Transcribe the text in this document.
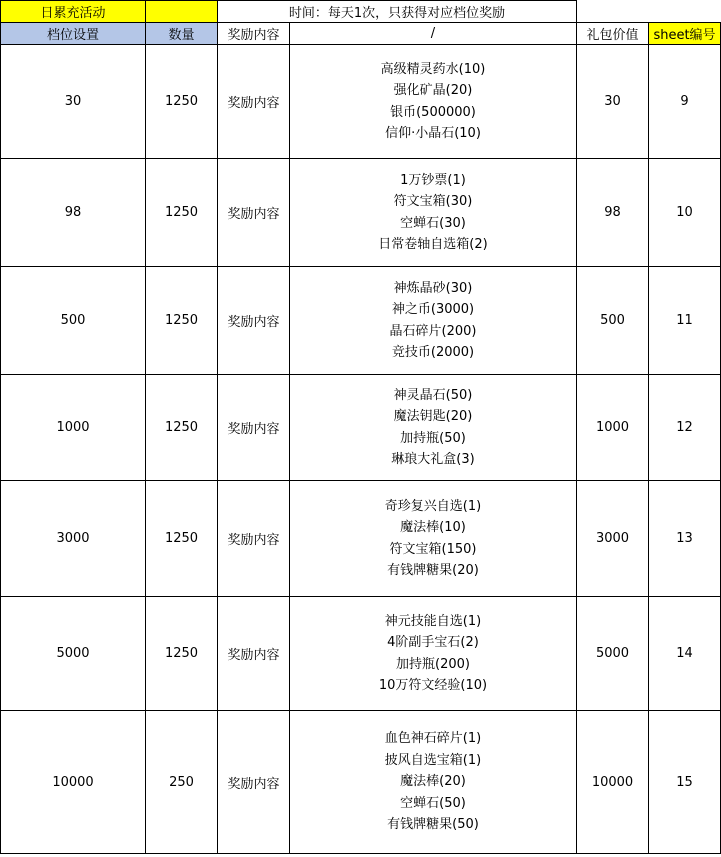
日累充活动		时间：每天1次，只获得对应档位奖励			
档位设置	数量	奖励内容	/	礼包价值	sheet编号
30	1250	奖励内容	高级精灵药水(10)
强化矿晶(20)
银币(500000)
信仰·小晶石(10)	30	9
98	1250	奖励内容	1万钞票(1)
符文宝箱(30)
空蝉石(30)
日常卷轴自选箱(2)	98	10
500	1250	奖励内容	神炼晶砂(30)
神之币(3000)
晶石碎片(200)
竞技币(2000)	500	11
1000	1250	奖励内容	神灵晶石(50)
魔法钥匙(20)
加持瓶(50)
琳琅大礼盒(3)	1000	12
3000	1250	奖励内容	奇珍复兴自选(1)
魔法棒(10)
符文宝箱(150)
有钱牌糖果(20)	3000	13
5000	1250	奖励内容	神元技能自选(1)
4阶副手宝石(2)
加持瓶(200)
10万符文经验(10)	5000	14
10000	250	奖励内容	血色神石碎片(1)
披风自选宝箱(1)
魔法棒(20)
空蝉石(50)
有钱牌糖果(50)	10000	15
